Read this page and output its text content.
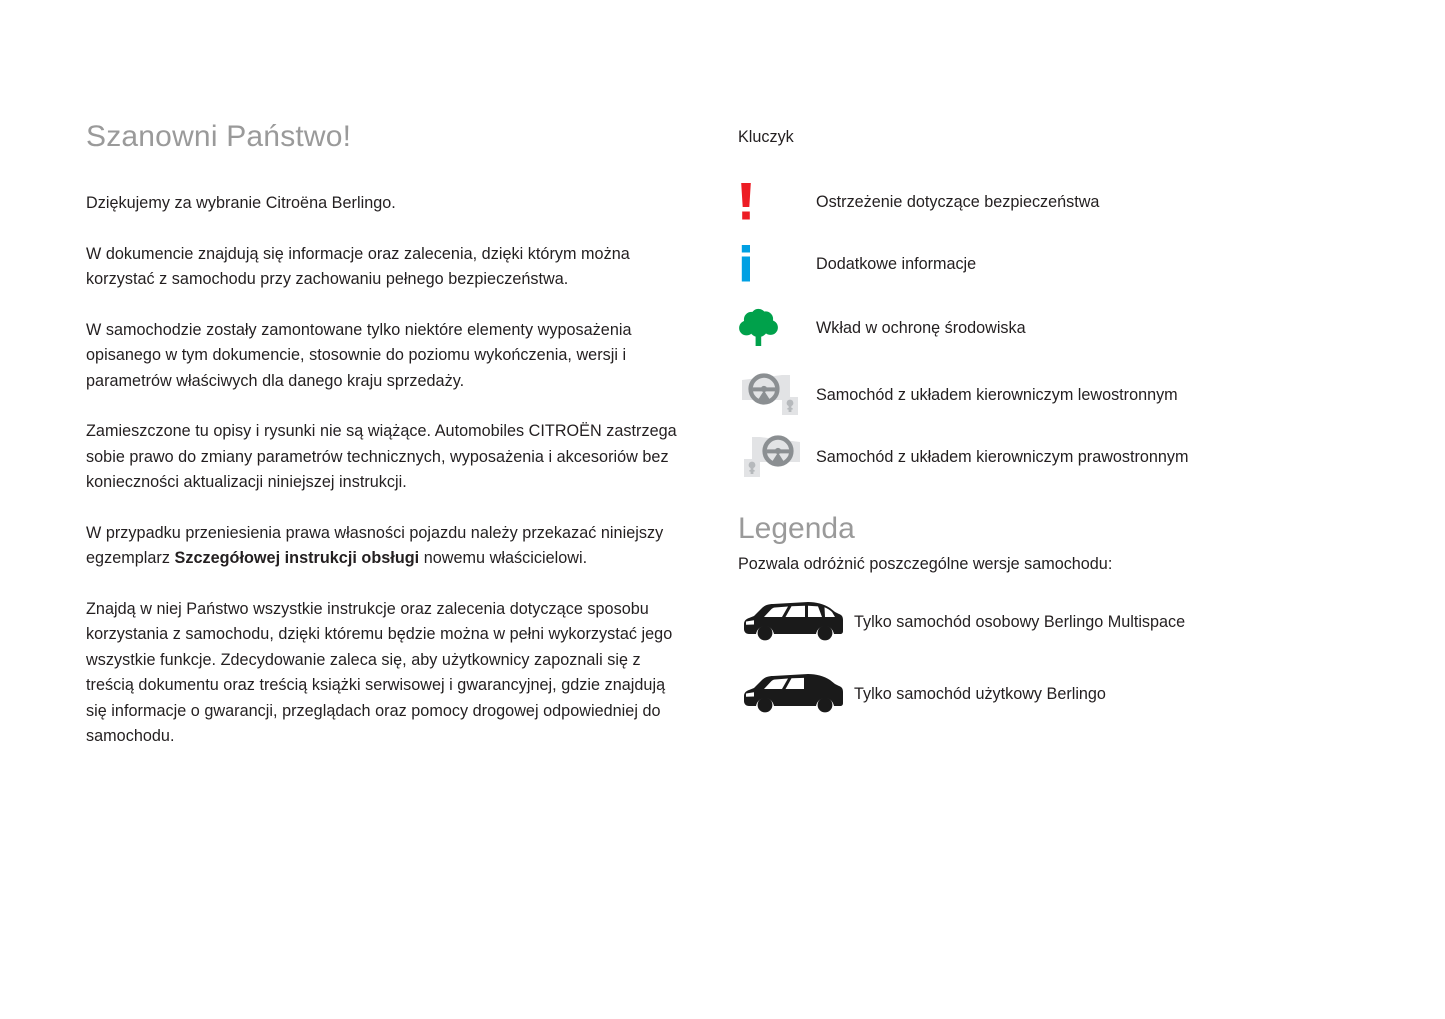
Szanowni Państwo!

Dziękujemy za wybranie Citroëna Berlingo.

W dokumencie znajdują się informacje oraz zalecenia, dzięki którym można korzystać z samochodu przy zachowaniu pełnego bezpieczeństwa.

W samochodzie zostały zamontowane tylko niektóre elementy wyposażenia opisanego w tym dokumencie, stosownie do poziomu wykończenia, wersji i parametrów właściwych dla danego kraju sprzedaży.

Zamieszczone tu opisy i rysunki nie są wiążące. Automobiles CITROËN zastrzega sobie prawo do zmiany parametrów technicznych, wyposażenia i akcesoriów bez konieczności aktualizacji niniejszej instrukcji.

W przypadku przeniesienia prawa własności pojazdu należy przekazać niniejszy egzemplarz Szczegółowej instrukcji obsługi nowemu właścicielowi.

Znajdą w niej Państwo wszystkie instrukcje oraz zalecenia dotyczące sposobu korzystania z samochodu, dzięki któremu będzie można w pełni wykorzystać jego wszystkie funkcje. Zdecydowanie zaleca się, aby użytkownicy zapoznali się z treścią dokumentu oraz treścią książki serwisowej i gwarancyjnej, gdzie znajdują się informacje o gwarancji, przeglądach oraz pomocy drogowej odpowiedniej do samochodu.

Kluczyk
Ostrzeżenie dotyczące bezpieczeństwa
Dodatkowe informacje
Wkład w ochronę środowiska
Samochód z układem kierowniczym lewostronnym
Samochód z układem kierowniczym prawostronnym
Legenda

Pozwala odróżnić poszczególne wersje samochodu:

Tylko samochód osobowy Berlingo Multispace
Tylko samochód użytkowy Berlingo
